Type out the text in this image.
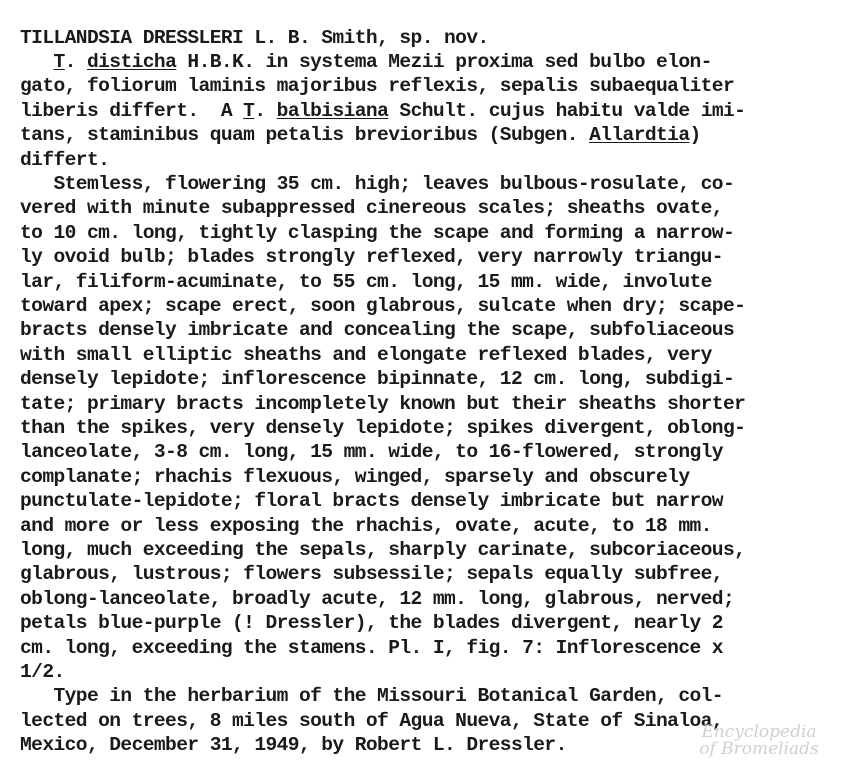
TILLANDSIA DRESSLERI L. B. Smith, sp. nov.
T. disticha H.B.K. in systema Mezii proxima sed bulbo elon-
gato, foliorum laminis majoribus reflexis, sepalis subaequaliter
liberis differt.  A T. balbisiana Schult. cujus habitu valde imi-
tans, staminibus quam petalis brevioribus (Subgen. Allardtia)
differt.
Stemless, flowering 35 cm. high; leaves bulbous-rosulate, co-
vered with minute subappressed cinereous scales; sheaths ovate,
to 10 cm. long, tightly clasping the scape and forming a narrow-
ly ovoid bulb; blades strongly reflexed, very narrowly triangu-
lar, filiform-acuminate, to 55 cm. long, 15 mm. wide, involute
toward apex; scape erect, soon glabrous, sulcate when dry; scape-
bracts densely imbricate and concealing the scape, subfoliaceous
with small elliptic sheaths and elongate reflexed blades, very
densely lepidote; inflorescence bipinnate, 12 cm. long, subdigi-
tate; primary bracts incompletely known but their sheaths shorter
than the spikes, very densely lepidote; spikes divergent, oblong-
lanceolate, 3-8 cm. long, 15 mm. wide, to 16-flowered, strongly
complanate; rhachis flexuous, winged, sparsely and obscurely
punctulate-lepidote; floral bracts densely imbricate but narrow
and more or less exposing the rhachis, ovate, acute, to 18 mm.
long, much exceeding the sepals, sharply carinate, subcoriaceous,
glabrous, lustrous; flowers subsessile; sepals equally subfree,
oblong-lanceolate, broadly acute, 12 mm. long, glabrous, nerved;
petals blue-purple (! Dressler), the blades divergent, nearly 2
cm. long, exceeding the stamens. Pl. I, fig. 7: Inflorescence x
1/2.
Type in the herbarium of the Missouri Botanical Garden, col-
lected on trees, 8 miles south of Agua Nueva, State of Sinaloa,
Mexico, December 31, 1949, by Robert L. Dressler.
Encyclopedia
of Bromeliads
